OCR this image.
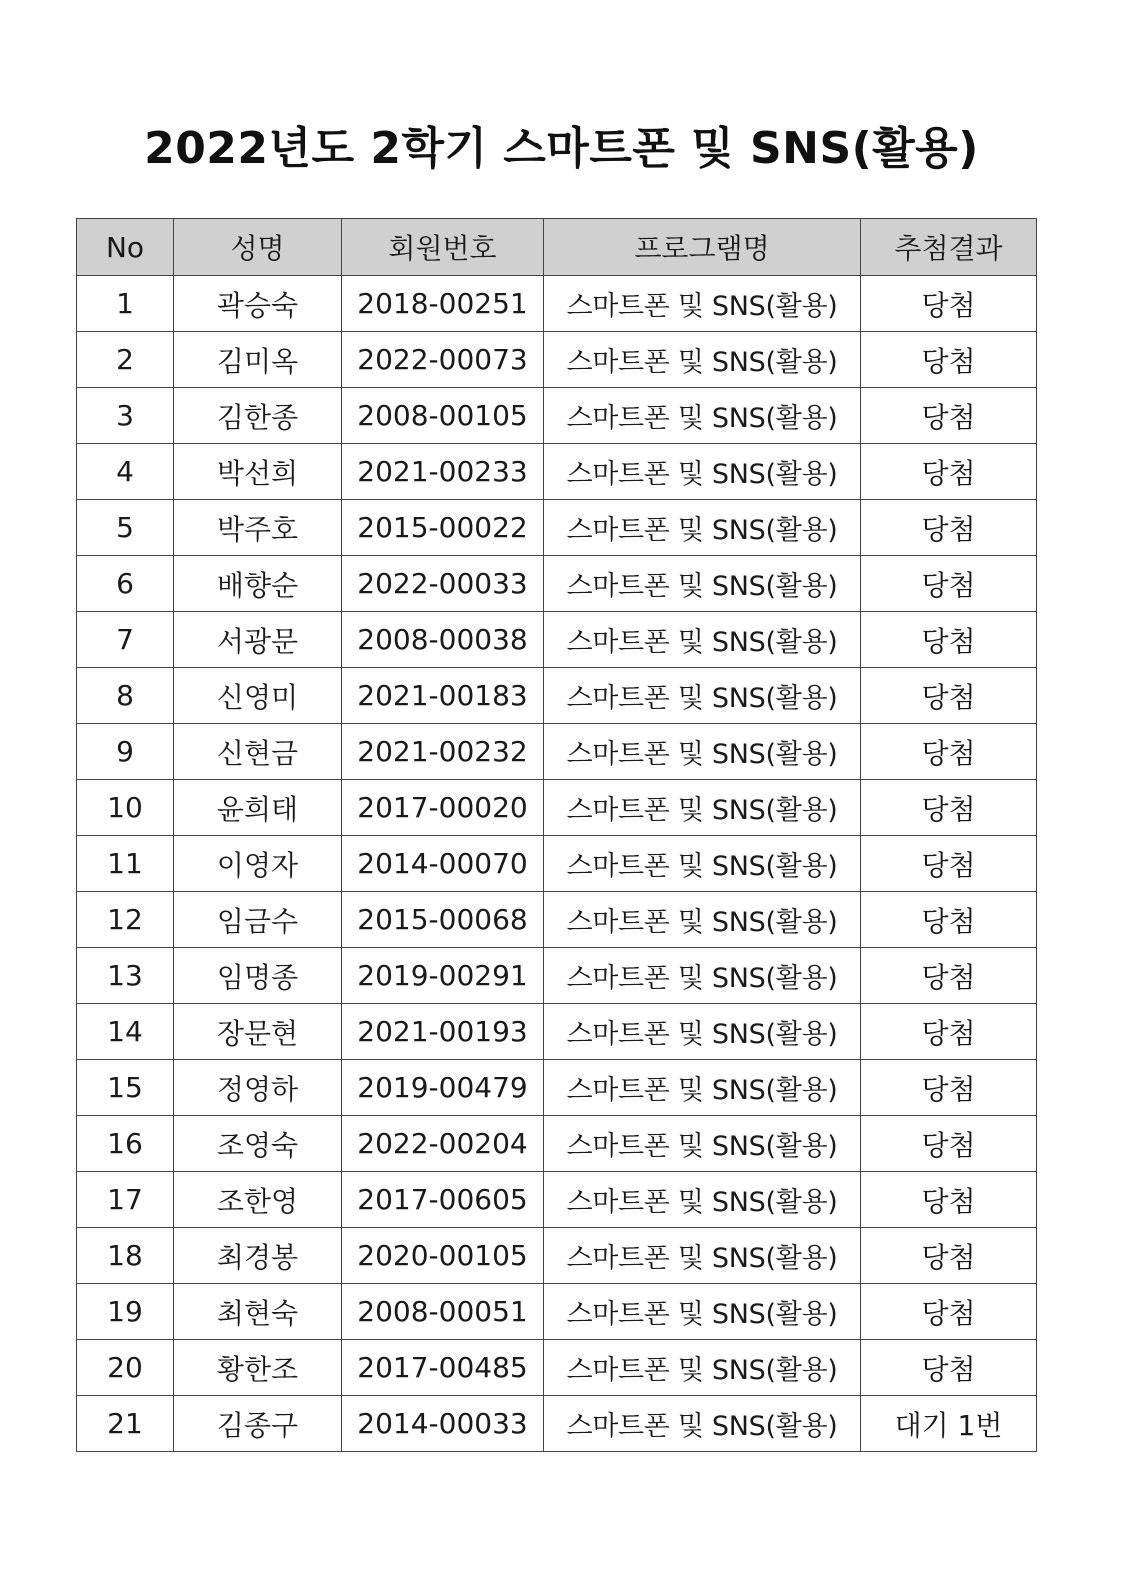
2022년도 2학기 스마트폰 및 SNS(활용)
No	성명	회원번호	프로그램명	추첨결과
1	곽승숙	2018-00251	스마트폰 및 SNS(활용)	당첨
2	김미옥	2022-00073	스마트폰 및 SNS(활용)	당첨
3	김한종	2008-00105	스마트폰 및 SNS(활용)	당첨
4	박선희	2021-00233	스마트폰 및 SNS(활용)	당첨
5	박주호	2015-00022	스마트폰 및 SNS(활용)	당첨
6	배향순	2022-00033	스마트폰 및 SNS(활용)	당첨
7	서광문	2008-00038	스마트폰 및 SNS(활용)	당첨
8	신영미	2021-00183	스마트폰 및 SNS(활용)	당첨
9	신현금	2021-00232	스마트폰 및 SNS(활용)	당첨
10	윤희태	2017-00020	스마트폰 및 SNS(활용)	당첨
11	이영자	2014-00070	스마트폰 및 SNS(활용)	당첨
12	임금수	2015-00068	스마트폰 및 SNS(활용)	당첨
13	임명종	2019-00291	스마트폰 및 SNS(활용)	당첨
14	장문현	2021-00193	스마트폰 및 SNS(활용)	당첨
15	정영하	2019-00479	스마트폰 및 SNS(활용)	당첨
16	조영숙	2022-00204	스마트폰 및 SNS(활용)	당첨
17	조한영	2017-00605	스마트폰 및 SNS(활용)	당첨
18	최경봉	2020-00105	스마트폰 및 SNS(활용)	당첨
19	최현숙	2008-00051	스마트폰 및 SNS(활용)	당첨
20	황한조	2017-00485	스마트폰 및 SNS(활용)	당첨
21	김종구	2014-00033	스마트폰 및 SNS(활용)	대기 1번
